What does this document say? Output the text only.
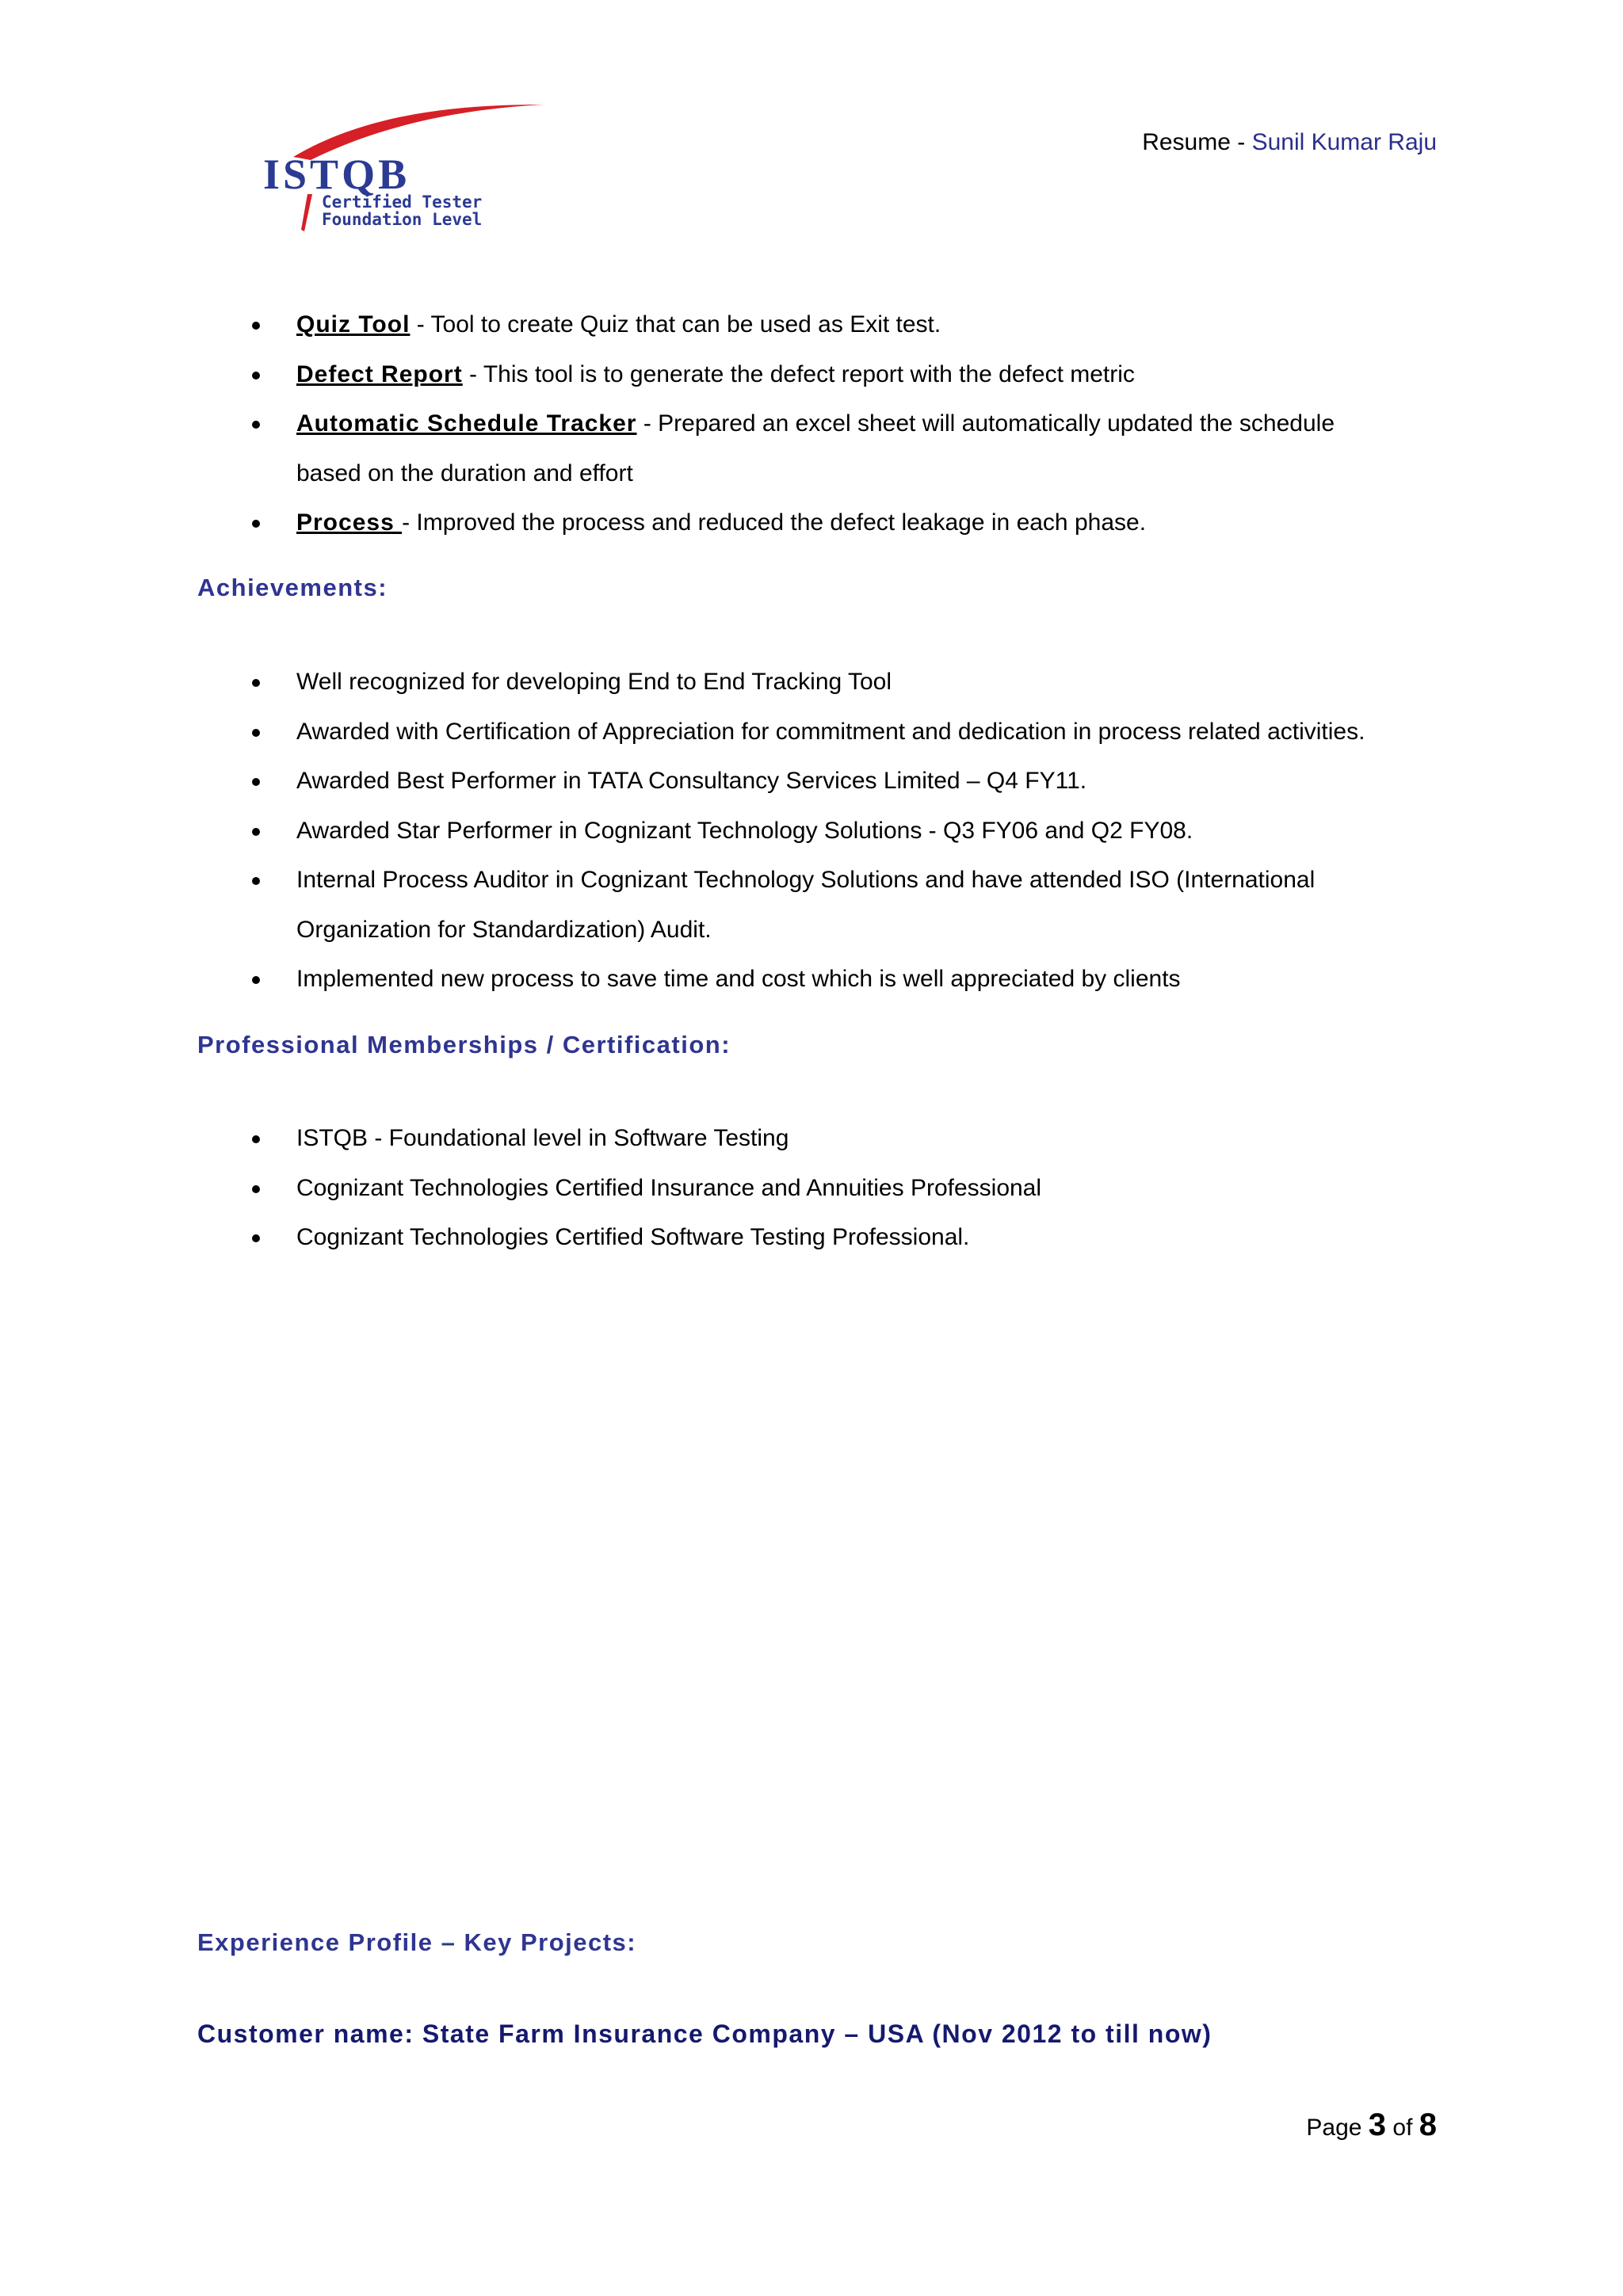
ISTQB
Certified Tester
Foundation Level
Resume - Sunil Kumar Raju
Quiz Tool - Tool to create Quiz that can be used as Exit test.
Defect Report - This tool is to generate the defect report with the defect metric
Automatic Schedule Tracker - Prepared an excel sheet will automatically updated the schedule
based on the duration and effort
Process - Improved the process and reduced the defect leakage in each phase.
Achievements:
Well recognized for developing End to End Tracking Tool
Awarded with Certification of Appreciation for commitment and dedication in process related activities.
Awarded Best Performer in TATA Consultancy Services Limited – Q4 FY11.
Awarded Star Performer in Cognizant Technology Solutions - Q3 FY06 and Q2 FY08.
Internal Process Auditor in Cognizant Technology Solutions and have attended ISO (International
Organization for Standardization) Audit.
Implemented new process to save time and cost which is well appreciated by clients
Professional Memberships / Certification:
ISTQB - Foundational level in Software Testing
Cognizant Technologies Certified Insurance and Annuities Professional
Cognizant Technologies Certified Software Testing Professional.
Experience Profile – Key Projects:
Customer name: State Farm Insurance Company – USA (Nov 2012 to till now)
Page 3 of 8
